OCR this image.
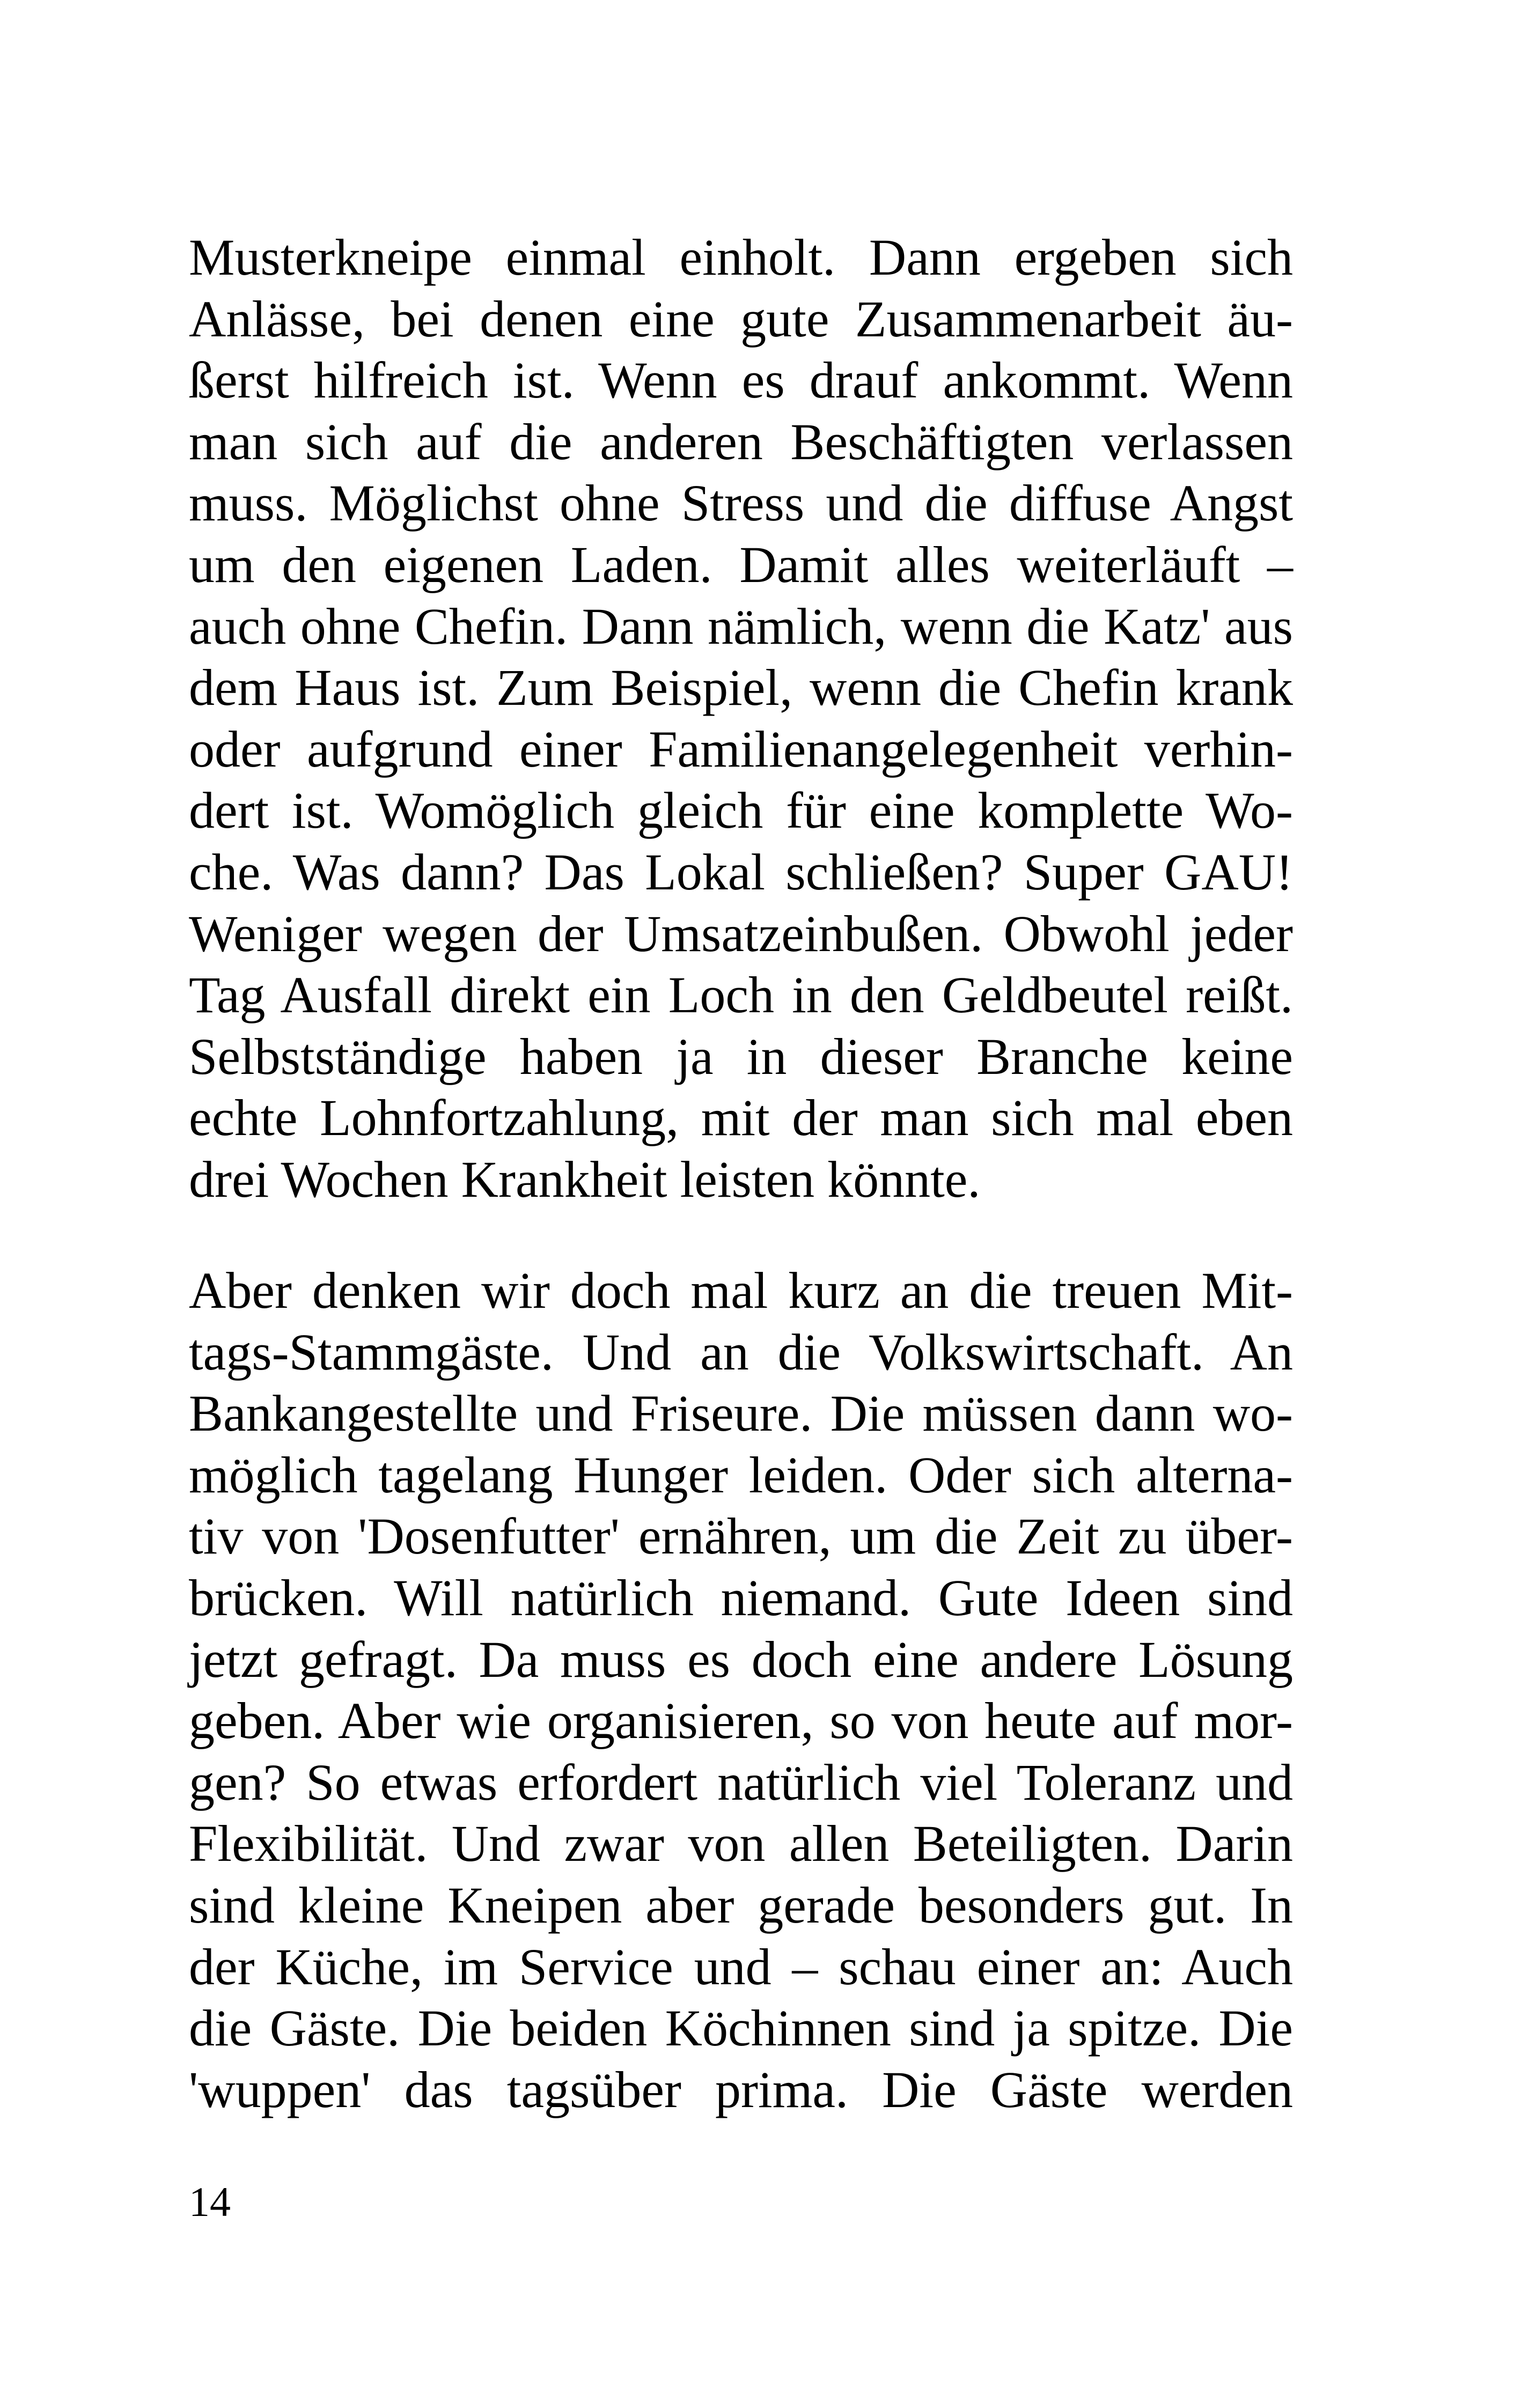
Musterkneipe einmal einholt. Dann ergeben sich
Anlässe, bei denen eine gute Zusammenarbeit äu-
ßerst hilfreich ist. Wenn es drauf ankommt. Wenn
man sich auf die anderen Beschäftigten verlassen
muss. Möglichst ohne Stress und die diffuse Angst
um den eigenen Laden. Damit alles weiterläuft –
auch ohne Chefin. Dann nämlich, wenn die Katz' aus
dem Haus ist. Zum Beispiel, wenn die Chefin krank
oder aufgrund einer Familienangelegenheit verhin-
dert ist. Womöglich gleich für eine komplette Wo-
che. Was dann? Das Lokal schließen? Super GAU!
Weniger wegen der Umsatzeinbußen. Obwohl jeder
Tag Ausfall direkt ein Loch in den Geldbeutel reißt.
Selbstständige haben ja in dieser Branche keine
echte Lohnfortzahlung, mit der man sich mal eben
drei Wochen Krankheit leisten könnte.
Aber denken wir doch mal kurz an die treuen Mit-
tags-Stammgäste. Und an die Volkswirtschaft. An
Bankangestellte und Friseure. Die müssen dann wo-
möglich tagelang Hunger leiden. Oder sich alterna-
tiv von 'Dosenfutter' ernähren, um die Zeit zu über-
brücken. Will natürlich niemand. Gute Ideen sind
jetzt gefragt. Da muss es doch eine andere Lösung
geben. Aber wie organisieren, so von heute auf mor-
gen? So etwas erfordert natürlich viel Toleranz und
Flexibilität. Und zwar von allen Beteiligten. Darin
sind kleine Kneipen aber gerade besonders gut. In
der Küche, im Service und – schau einer an: Auch
die Gäste. Die beiden Köchinnen sind ja spitze. Die
'wuppen' das tagsüber prima. Die Gäste werden
14
